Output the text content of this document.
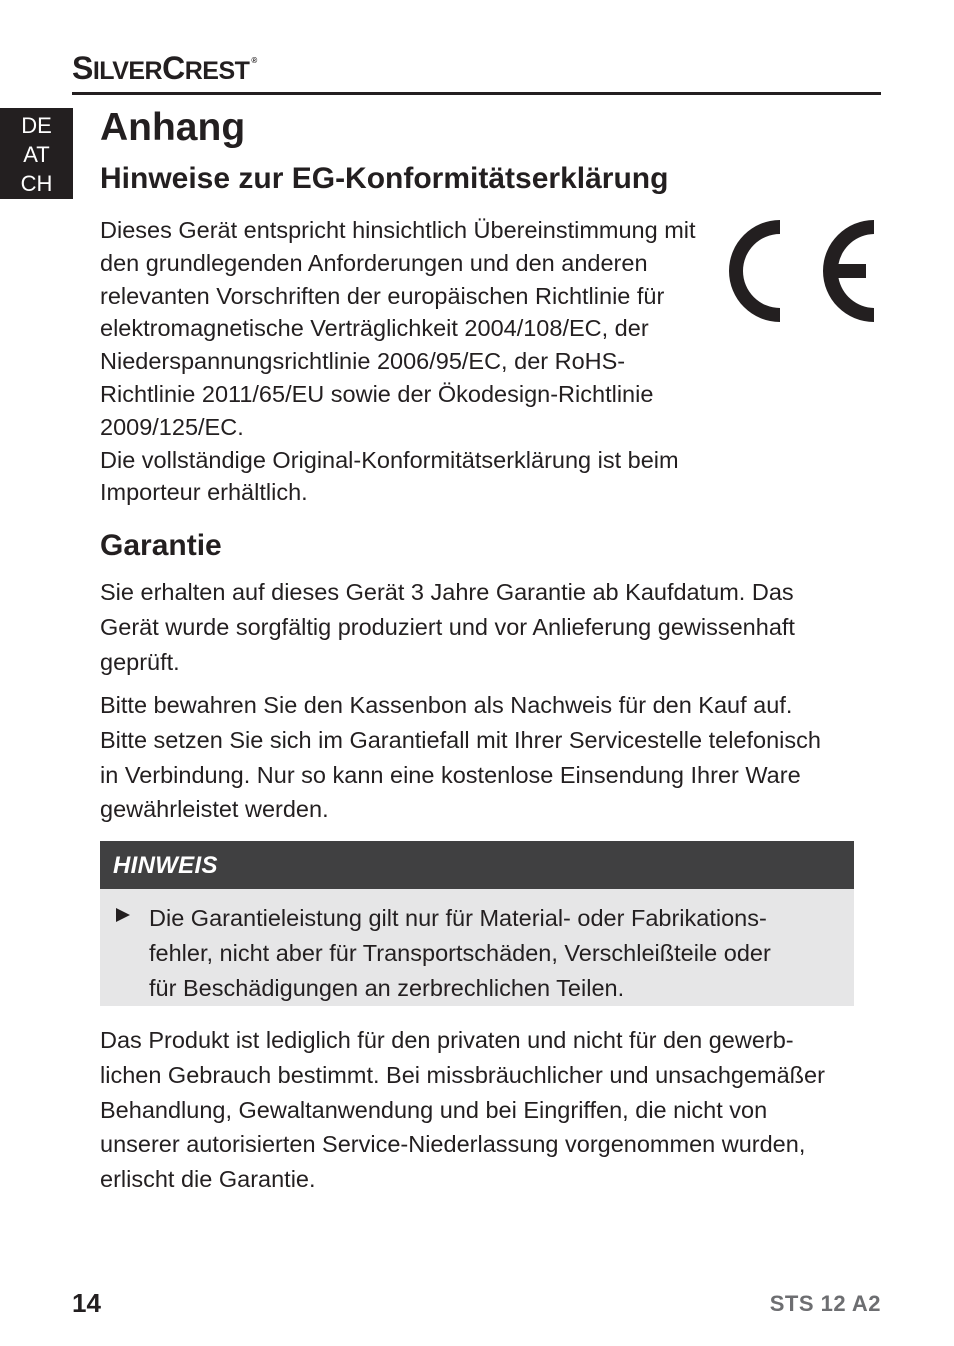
SILVERCREST ®
DE
AT
CH
Anhang
Hinweise zur EG-Konformitätserklärung

Dieses Gerät entspricht hinsichtlich Übereinstimmung mit
den grundlegenden Anforderungen und den anderen
relevanten Vorschriften der europäischen Richtlinie für
elektromagnetische Verträglichkeit 2004/108/EC, der
Niederspannungsrichtlinie 2006/95/EC, der RoHS-
Richtlinie 2011/65/EU sowie der Ökodesign-Richtlinie
2009/125/EC.
Die vollständige Original-Konformitätserklärung ist beim
Importeur erhältlich.

Garantie

Sie erhalten auf dieses Gerät 3 Jahre Garantie ab Kaufdatum. Das
Gerät wurde sorgfältig produziert und vor Anlieferung gewissenhaft
geprüft.

Bitte bewahren Sie den Kassenbon als Nachweis für den Kauf auf.
Bitte setzen Sie sich im Garantiefall mit Ihrer Servicestelle telefonisch
in Verbindung. Nur so kann eine kostenlose Einsendung Ihrer Ware
gewährleistet werden.

HINWEIS
Die Garantieleistung gilt nur für Material- oder Fabrikations-
fehler, nicht aber für Transportschäden, Verschleißteile oder
für Beschädigungen an zerbrechlichen Teilen.

Das Produkt ist lediglich für den privaten und nicht für den gewerb-
lichen Gebrauch bestimmt. Bei missbräuchlicher und unsachgemäßer
Behandlung, Gewaltanwendung und bei Eingriffen, die nicht von
unserer autorisierten Service-Niederlassung vorgenommen wurden,
erlischt die Garantie.

14	STS 12 A2
